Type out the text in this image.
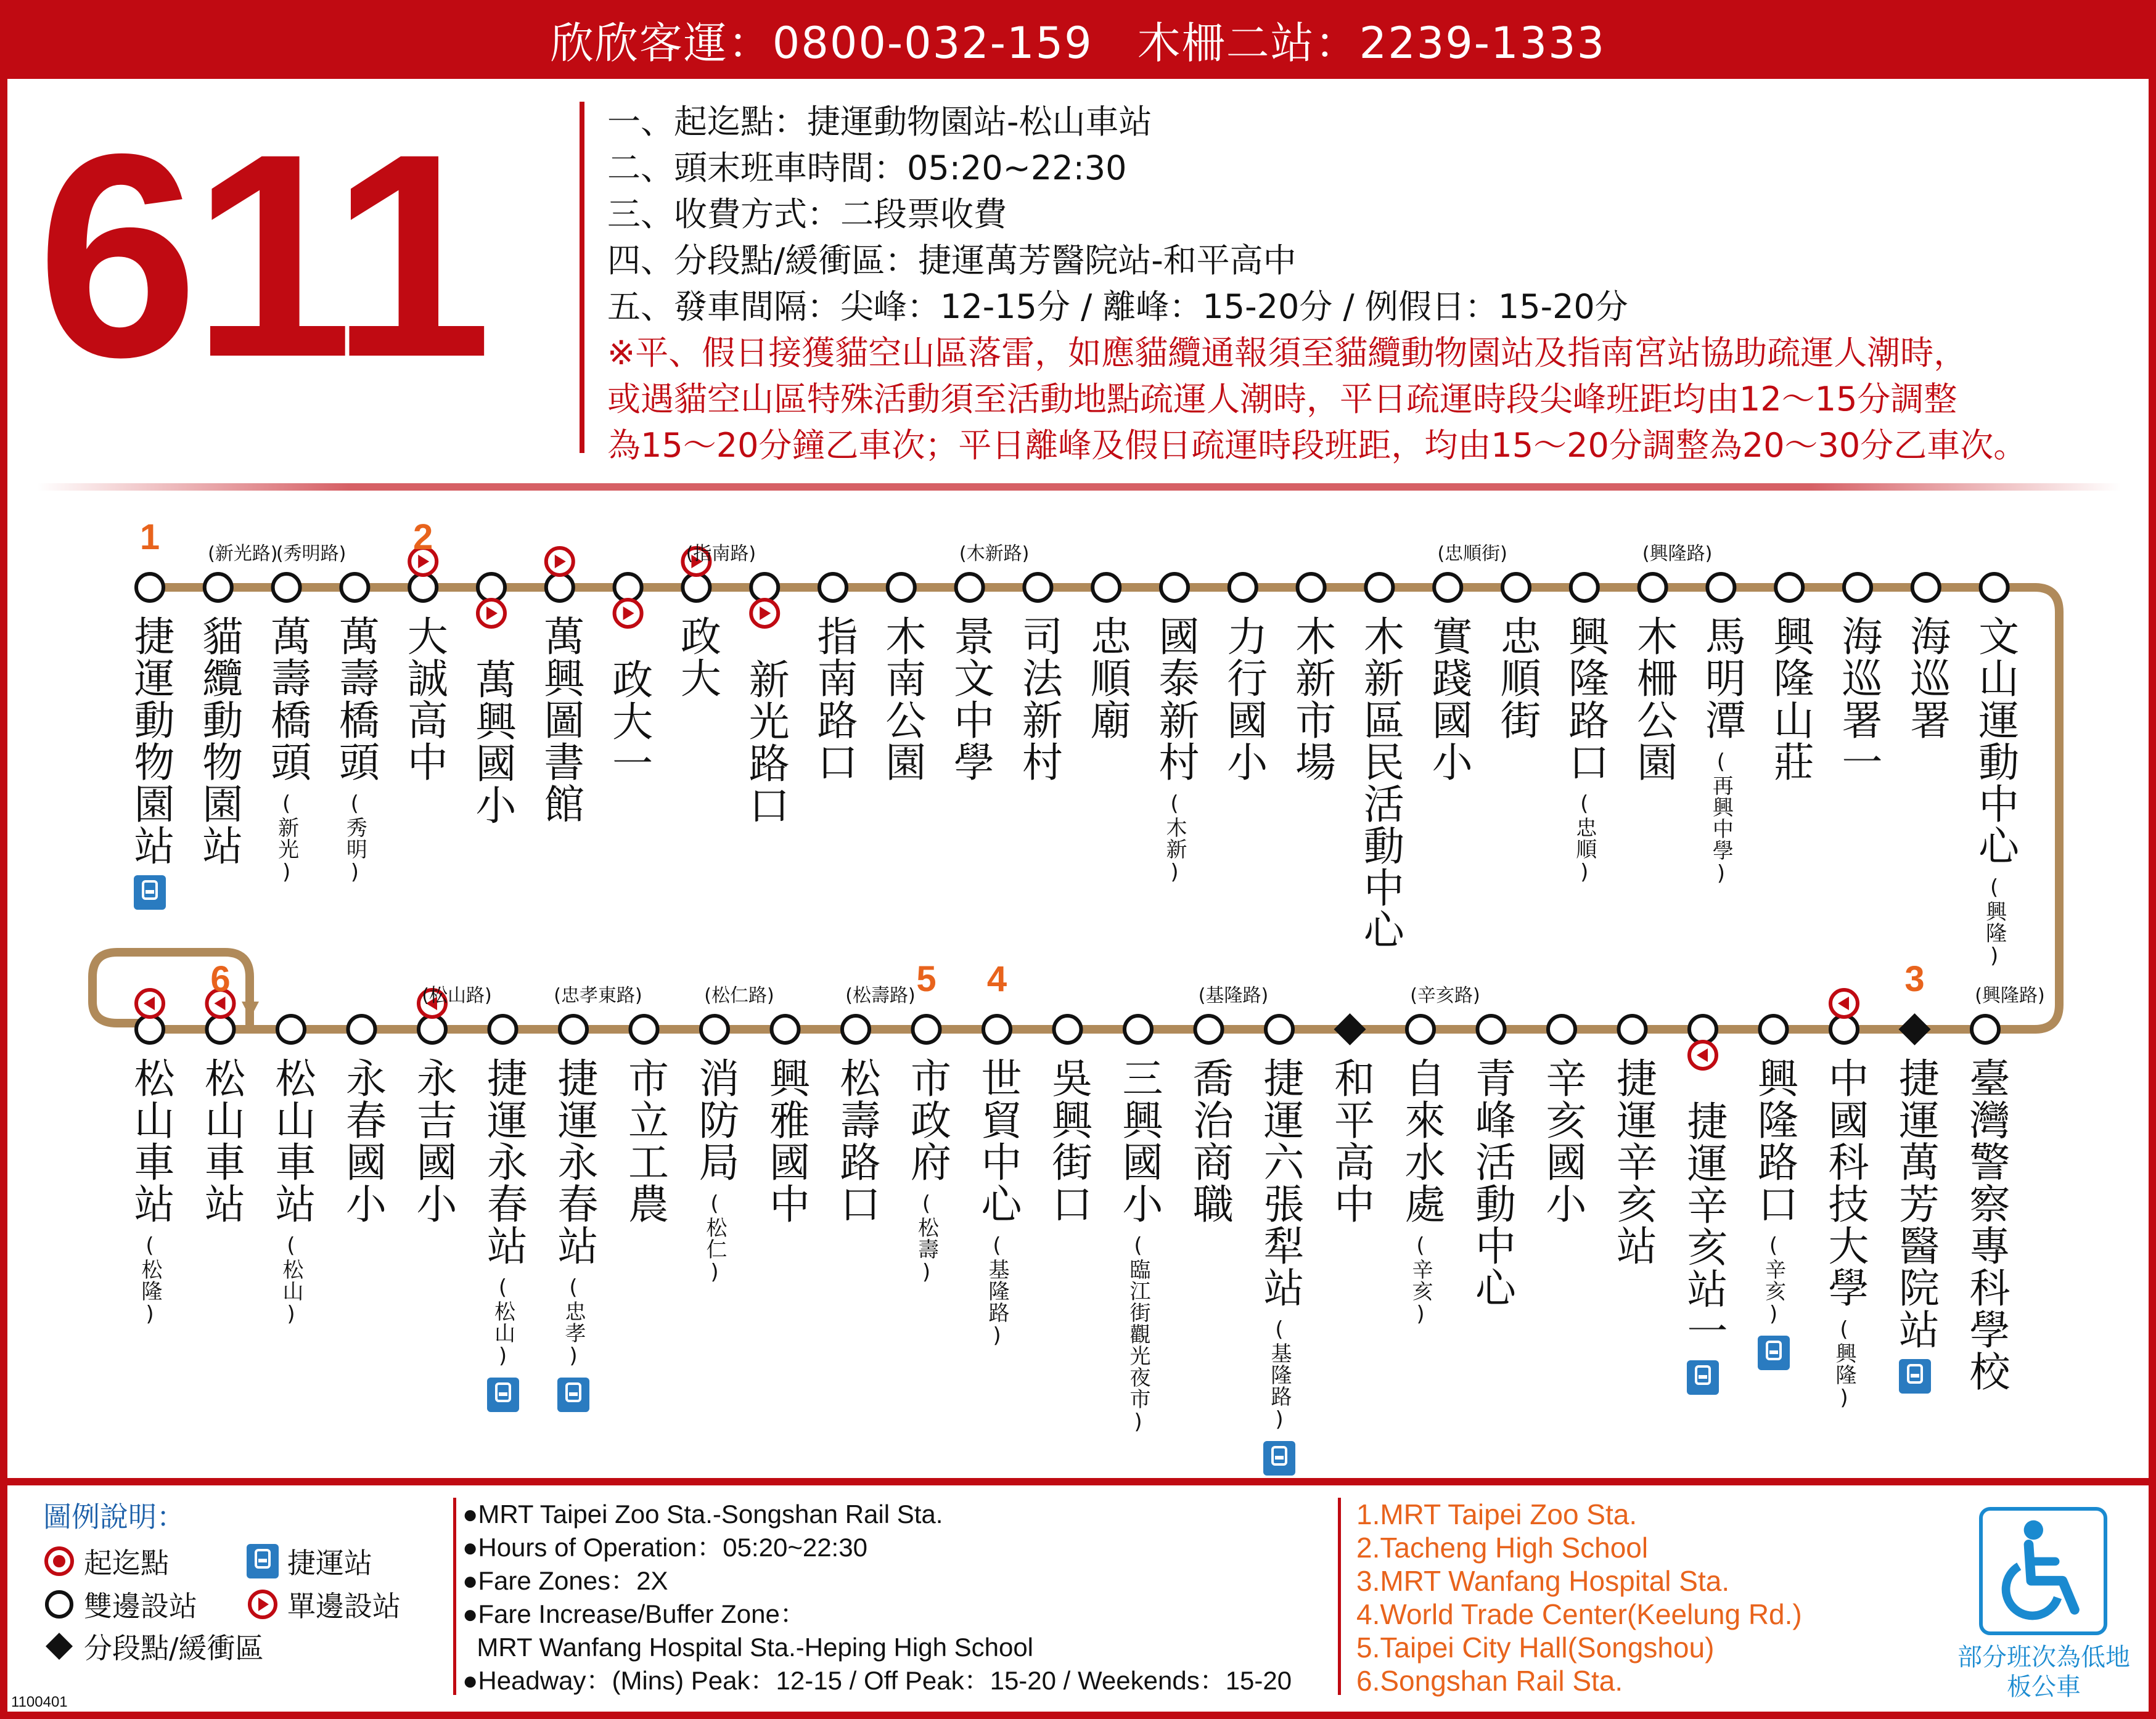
欣欣客運：0800-032-159　木柵二站：2239-1333
611	一、起迄點：捷運動物園站-松山車站
二、頭末班車時間：05:20~22:30
三、收費方式：二段票收費
四、分段點/緩衝區：捷運萬芳醫院站-和平高中
五、發車間隔：尖峰：12-15分 / 離峰：15-20分 / 例假日：15-20分
※平、假日接獲貓空山區落雷，如應貓纜通報須至貓纜動物園站及指南宮站協助疏運人潮時，
或遇貓空山區特殊活動須至活動地點疏運人潮時，平日疏運時段尖峰班距均由12～15分調整
為15～20分鐘乙車次；平日離峰及假日疏運時段班距，均由15～20分調整為20～30分乙車次。
1
捷運動物園站
(新光路)
貓纜動物園站
(秀明路)
萬壽橋頭
(新光)
萬壽橋頭
(秀明)
2
大誠高中 萬興國小 萬興圖書館 政大一
(指南路)
政大
新光路口 指南路口 木南公園
(木新路)
景文中學 司法新村 忠順廟 國泰新村
(木新)
力行國小 木新市場 木新區民活動中心
(忠順街)
實踐國小 忠順街 興隆路口
(忠順)
(興隆路)
木柵公園 馬明潭
(再興中學)
興隆山莊 海巡署一 海巡署 文山運動中心
(興隆)
松山車站
(松隆)
6
松山車站 松山車站
(松山)
永春國小
(松山路)
永吉國小 捷運永春站
(松山)
(忠孝東路)
捷運永春站
(忠孝)
市立工農
(松仁路)
消防局
(松仁)
興雅國中
(松壽路)
松壽路口
5
市政府
(松壽)
4
世貿中心
(基隆路)
吳興街口 三興國小
(臨江街觀光夜市)
(基隆路)
喬治商職 捷運六張犁站
(基隆路)
和平高中
(辛亥路)
自來水處
(辛亥) 青峰活動中心 辛亥國小 捷運辛亥站 捷運辛亥站一 興隆路口
(辛亥) 中國科技大學
(興隆)
3
捷運萬芳醫院站
(興隆路)
臺灣警察專科學校
圖例說明：
起迄點	捷運站
雙邊設站	單邊設站
分段點/緩衝區
●MRT Taipei Zoo Sta.-Songshan Rail Sta.
●Hours of Operation：05:20~22:30
●Fare Zones：2X
●Fare Increase/Buffer Zone：
MRT Wanfang Hospital Sta.-Heping High School
●Headway：(Mins) Peak：12-15 / Off Peak：15-20 / Weekends：15-20
1.MRT Taipei Zoo Sta.
2.Tacheng High School
3.MRT Wanfang Hospital Sta.
4.World Trade Center(Keelung Rd.)
5.Taipei City Hall(Songshou)
6.Songshan Rail Sta.
部分班次為低地板公車
1100401
